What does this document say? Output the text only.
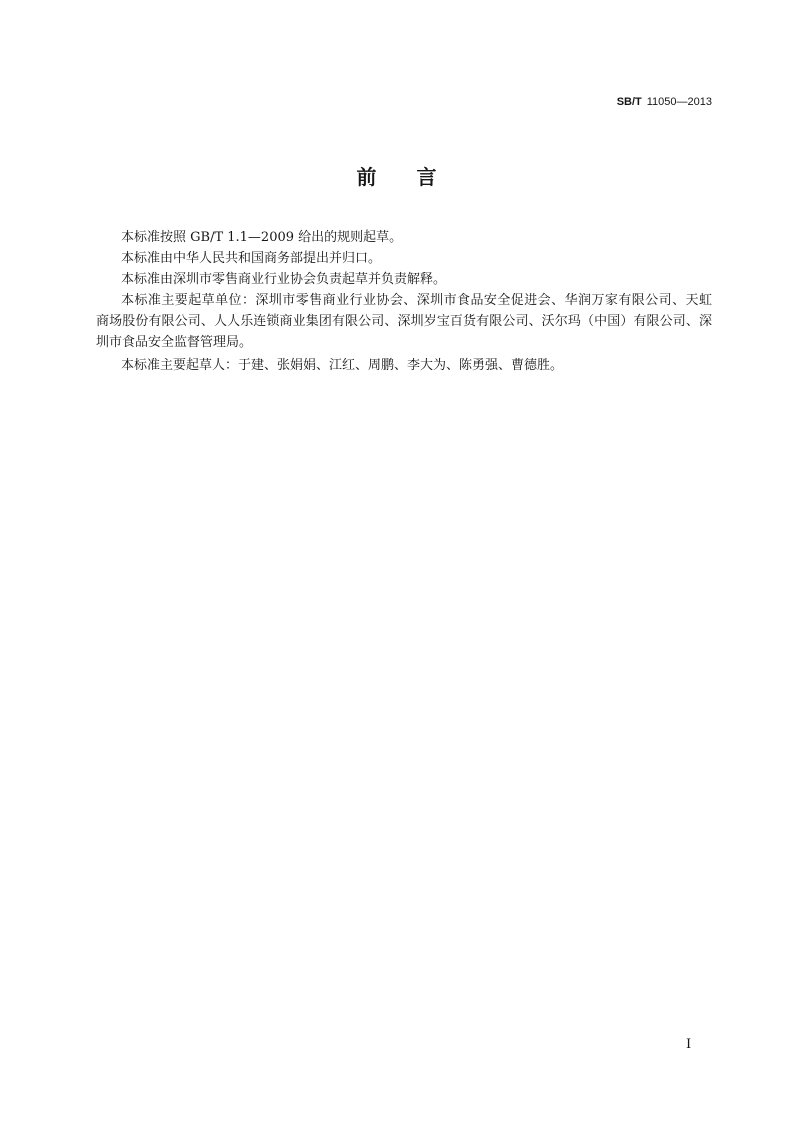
SB/T 11050—2013
前　　言

本标准按照 GB/T 1.1—2009 给出的规则起草。

本标准由中华人民共和国商务部提出并归口。

本标准由深圳市零售商业行业协会负责起草并负责解释。

本标准主要起草单位：深圳市零售商业行业协会、深圳市食品安全促进会、华润万家有限公司、天虹
商场股份有限公司、人人乐连锁商业集团有限公司、深圳岁宝百货有限公司、沃尔玛（中国）有限公司、深
圳市食品安全监督管理局。

本标准主要起草人：于建、张娟娟、江红、周鹏、李大为、陈勇强、曹德胜。

I
